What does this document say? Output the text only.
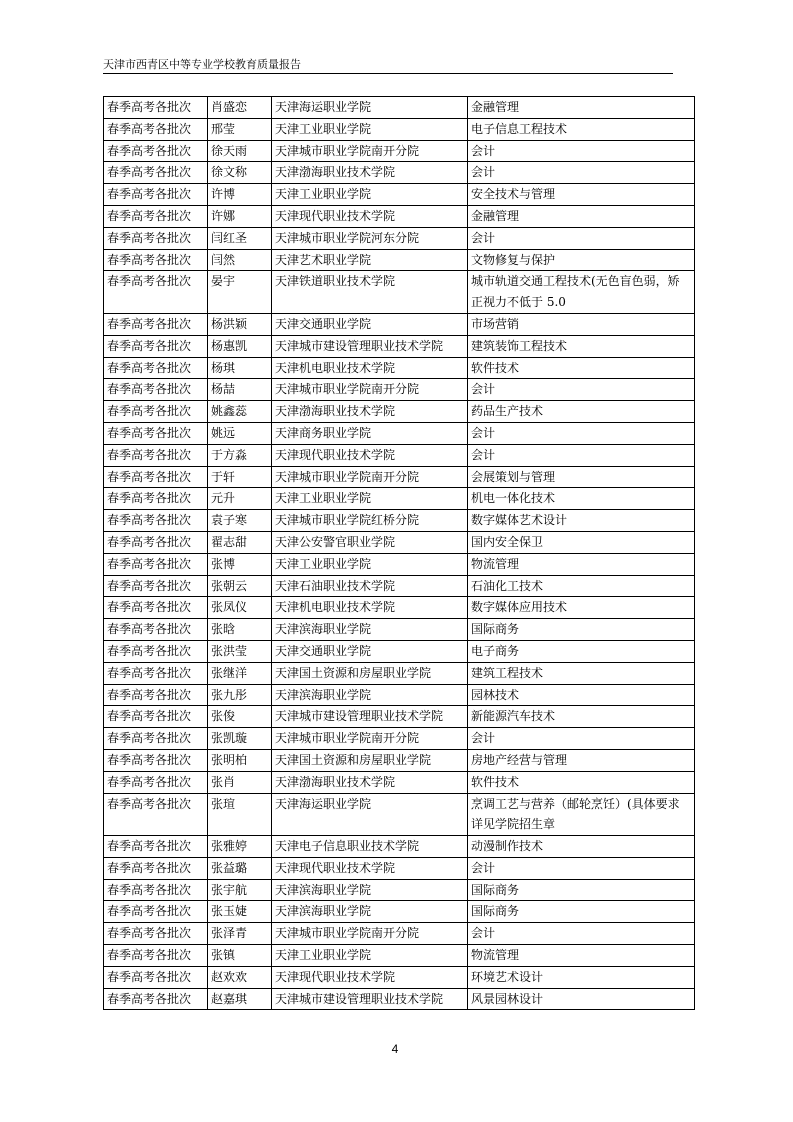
天津市西青区中等专业学校教育质量报告
春季高考各批次	肖盛恋	天津海运职业学院	金融管理
春季高考各批次	邢莹	天津工业职业学院	电子信息工程技术
春季高考各批次	徐天雨	天津城市职业学院南开分院	会计
春季高考各批次	徐文称	天津渤海职业技术学院	会计
春季高考各批次	许博	天津工业职业学院	安全技术与管理
春季高考各批次	许娜	天津现代职业技术学院	金融管理
春季高考各批次	闫红圣	天津城市职业学院河东分院	会计
春季高考各批次	闫然	天津艺术职业学院	文物修复与保护
春季高考各批次	晏宇	天津铁道职业技术学院	城市轨道交通工程技术(无色盲色弱，矫正视力不低于 5.0
春季高考各批次	杨洪颖	天津交通职业学院	市场营销
春季高考各批次	杨惠凯	天津城市建设管理职业技术学院	建筑装饰工程技术
春季高考各批次	杨琪	天津机电职业技术学院	软件技术
春季高考各批次	杨喆	天津城市职业学院南开分院	会计
春季高考各批次	姚鑫蕊	天津渤海职业技术学院	药品生产技术
春季高考各批次	姚远	天津商务职业学院	会计
春季高考各批次	于方淼	天津现代职业技术学院	会计
春季高考各批次	于轩	天津城市职业学院南开分院	会展策划与管理
春季高考各批次	元升	天津工业职业学院	机电一体化技术
春季高考各批次	袁子寒	天津城市职业学院红桥分院	数字媒体艺术设计
春季高考各批次	翟志甜	天津公安警官职业学院	国内安全保卫
春季高考各批次	张博	天津工业职业学院	物流管理
春季高考各批次	张朝云	天津石油职业技术学院	石油化工技术
春季高考各批次	张凤仪	天津机电职业技术学院	数字媒体应用技术
春季高考各批次	张晗	天津滨海职业学院	国际商务
春季高考各批次	张洪莹	天津交通职业学院	电子商务
春季高考各批次	张继洋	天津国土资源和房屋职业学院	建筑工程技术
春季高考各批次	张九彤	天津滨海职业学院	园林技术
春季高考各批次	张俊	天津城市建设管理职业技术学院	新能源汽车技术
春季高考各批次	张凯璇	天津城市职业学院南开分院	会计
春季高考各批次	张明柏	天津国土资源和房屋职业学院	房地产经营与管理
春季高考各批次	张肖	天津渤海职业技术学院	软件技术
春季高考各批次	张瑄	天津海运职业学院	烹调工艺与营养（邮轮烹饪）(具体要求详见学院招生章
春季高考各批次	张雅婷	天津电子信息职业技术学院	动漫制作技术
春季高考各批次	张益璐	天津现代职业技术学院	会计
春季高考各批次	张宇航	天津滨海职业学院	国际商务
春季高考各批次	张玉婕	天津滨海职业学院	国际商务
春季高考各批次	张泽青	天津城市职业学院南开分院	会计
春季高考各批次	张镇	天津工业职业学院	物流管理
春季高考各批次	赵欢欢	天津现代职业技术学院	环境艺术设计
春季高考各批次	赵嘉琪	天津城市建设管理职业技术学院	风景园林设计
4
